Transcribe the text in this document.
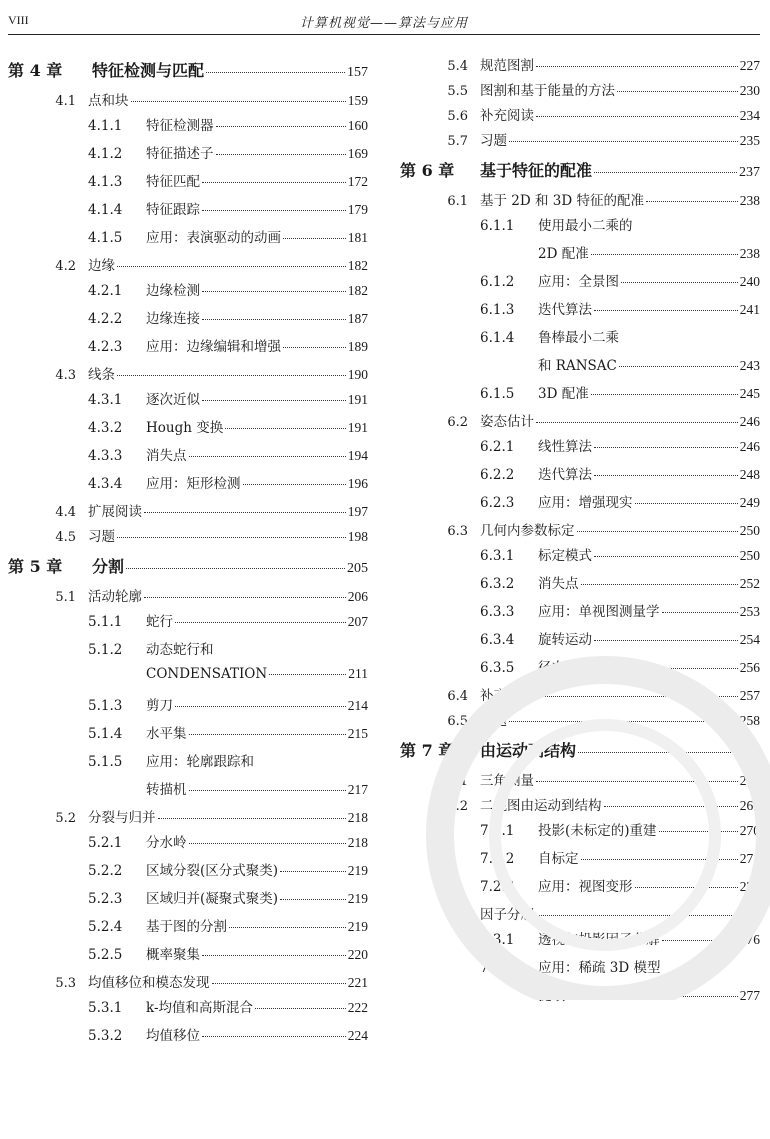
VIII	计算机视觉——算法与应用
第 4 章	特征检测与匹配	157
4.1 点和块	159
4.1.1	特征检测器	160
4.1.2	特征描述子	169
4.1.3	特征匹配	172
4.1.4	特征跟踪	179
4.1.5	应用：表演驱动的动画	181
4.2 边缘	182
4.2.1	边缘检测	182
4.2.2	边缘连接	187
4.2.3	应用：边缘编辑和增强	189
4.3 线条	190
4.3.1	逐次近似	191
4.3.2	Hough 变换	191
4.3.3	消失点	194
4.3.4	应用：矩形检测	196
4.4 扩展阅读	197
4.5 习题	198
第 5 章	分割	205
5.1 活动轮廓	206
5.1.1	蛇行	207
5.1.2	动态蛇行和
CONDENSATION	211
5.1.3	剪刀	214
5.1.4	水平集	215
5.1.5	应用：轮廓跟踪和
转描机	217
5.2 分裂与归并	218
5.2.1	分水岭	218
5.2.2	区域分裂(区分式聚类)	219
5.2.3	区域归并(凝聚式聚类)	219
5.2.4	基于图的分割	219
5.2.5	概率聚集	220
5.3 均值移位和模态发现	221
5.3.1	k-均值和高斯混合	222
5.3.2	均值移位	224
5.4 规范图割	227
5.5 图割和基于能量的方法	230
5.6 补充阅读	234
5.7 习题	235
第 6 章	基于特征的配准	237
6.1 基于 2D 和 3D 特征的配准	238
6.1.1	使用最小二乘的
2D 配准	238
6.1.2	应用：全景图	240
6.1.3	迭代算法	241
6.1.4	鲁棒最小二乘
和 RANSAC	243
6.1.5	3D 配准	245
6.2 姿态估计	246
6.2.1	线性算法	246
6.2.2	迭代算法	248
6.2.3	应用：增强现实	249
6.3 几何内参数标定	250
6.3.1	标定模式	250
6.3.2	消失点	252
6.3.3	应用：单视图测量学	253
6.3.4	旋转运动	254
6.3.5	径向畸变	256
6.4 补充阅读	257
6.5 习题	258
第 7 章	由运动到结构	263
7.1 三角测量	264
7.2 二视图由运动到结构	266
7.2.1	投影(未标定的)重建	270
7.2.2	自标定	271
7.2.3	应用：视图变形	273
7.3 因子分解	274
7.3.1	透视与投影因子分解	276
7.3.2	应用：稀疏 3D 模型
提取	277
